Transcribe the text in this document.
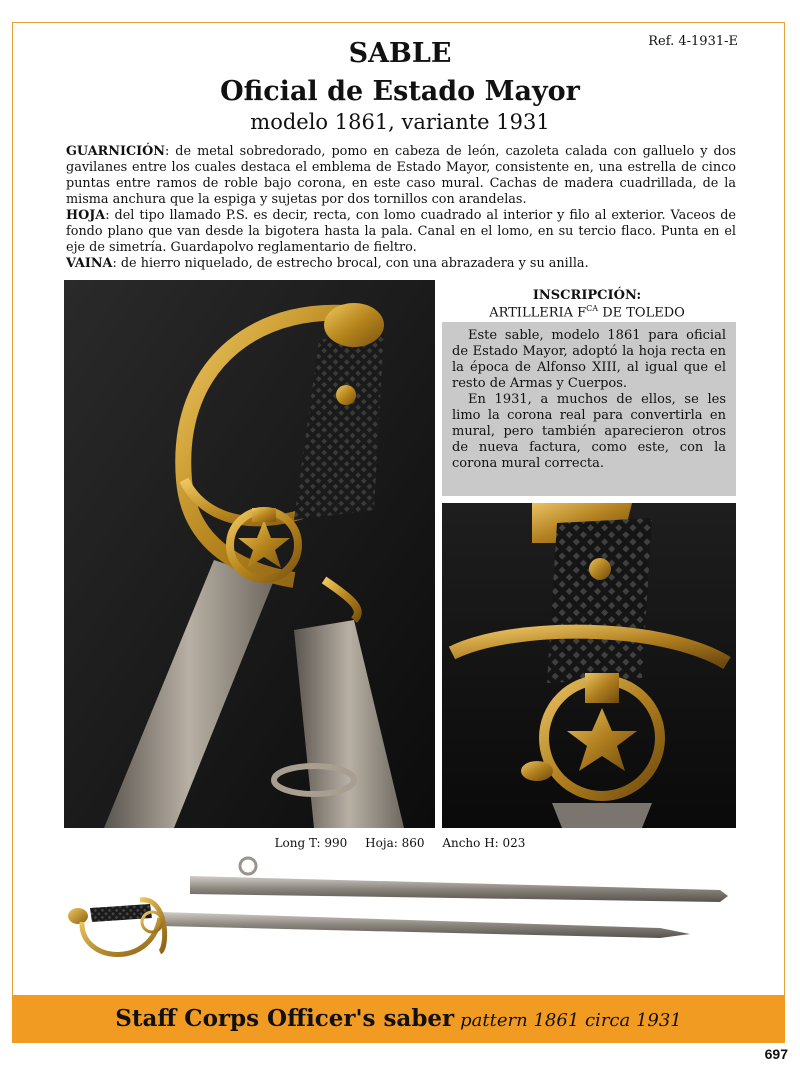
Ref. 4-1931-E
SABLE
Oficial de Estado Mayor
modelo 1861, variante 1931

GUARNICIÓN: de metal sobredorado, pomo en cabeza de león, cazoleta calada con galluelo y dos gavilanes entre los cuales destaca el emblema de Estado Mayor, consistente en, una estrella de cinco puntas entre ramos de roble bajo corona, en este caso mural. Cachas de madera cuadrillada, de la misma anchura que la espiga y sujetas por dos tornillos con arandelas.

HOJA: del tipo llamado P.S. es decir, recta, con lomo cuadrado al interior y filo al exterior. Vaceos de fondo plano que van desde la bigotera hasta la pala. Canal en el lomo, en su tercio flaco. Punta en el eje de simetría. Guardapolvo reglamentario de fieltro.

VAINA: de hierro niquelado, de estrecho brocal, con una abrazadera y su anilla.

INSCRIPCIÓN:
ARTILLERIA $F^{CA}$ DE TOLEDO

Este sable, modelo 1861 para oficial de Estado Mayor, adoptó la hoja recta en la época de Alfonso XIII, al igual que el resto de Armas y Cuerpos.

En 1931, a muchos de ellos, se les limo la corona real para convertirla en mural, pero también aparecieron otros de nueva factura, como este, con la corona mural correcta.

Long T: 990 Hoja: 860 Ancho H: 023
Staff Corps Officer's saber pattern 1861 circa 1931
697
